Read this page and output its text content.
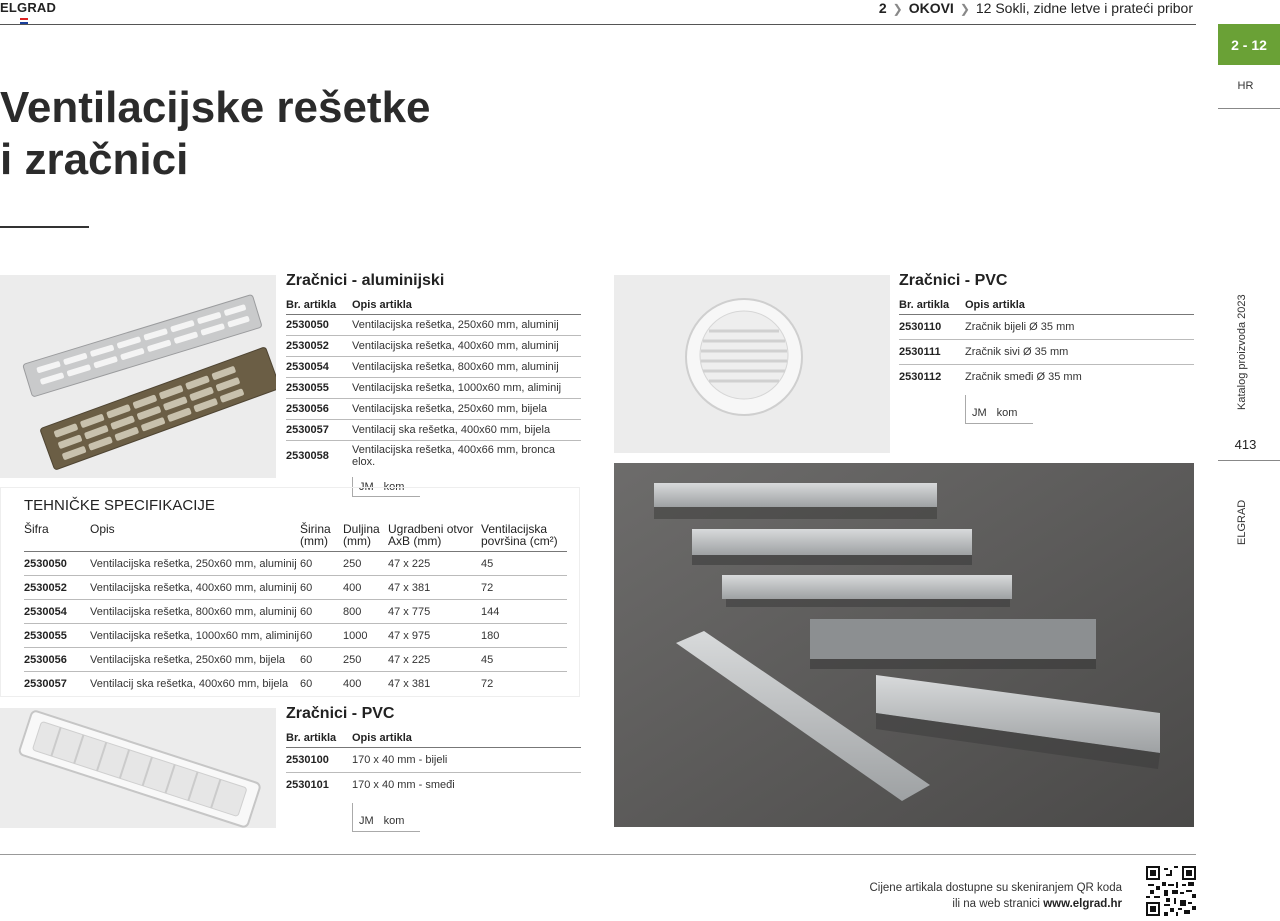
ELGRAD	2 ❯ OKOVI ❯ 12 Sokli, zidne letve i prateći pribor
2 - 12
HR
Katalog proizvoda 2023
413
ELGRAD
Ventilacijske rešetke
i zračnici
Zračnici - aluminijski
Br. artikla	Opis artikla
2530050	Ventilacijska rešetka, 250x60 mm, aluminij
2530052	Ventilacijska rešetka, 400x60 mm, aluminij
2530054	Ventilacijska rešetka, 800x60 mm, aluminij
2530055	Ventilacijska rešetka, 1000x60 mm, aliminij
2530056	Ventilacijska rešetka, 250x60 mm, bijela
2530057	Ventilacij ska rešetka, 400x60 mm, bijela
2530058	Ventilacijska rešetka, 400x66 mm, bronca elox.
JM kom
Zračnici - PVC
Br. artikla	Opis artikla
2530110	Zračnik bijeli Ø 35 mm
2530111	Zračnik sivi Ø 35 mm
2530112	Zračnik smeđi Ø 35 mm
JM kom
TEHNIČKE SPECIFIKACIJE
Šifra	Opis	Širina (mm)	Duljina (mm)	Ugradbeni otvor AxB (mm)	Ventilacijska površina (cm²)
2530050	Ventilacijska rešetka, 250x60 mm, aluminij	60	250	47 x 225	45
2530052	Ventilacijska rešetka, 400x60 mm, aluminij	60	400	47 x 381	72
2530054	Ventilacijska rešetka, 800x60 mm, aluminij	60	800	47 x 775	144
2530055	Ventilacijska rešetka, 1000x60 mm, aliminij	60	1000	47 x 975	180
2530056	Ventilacijska rešetka, 250x60 mm, bijela	60	250	47 x 225	45
2530057	Ventilacij ska rešetka, 400x60 mm, bijela	60	400	47 x 381	72
Zračnici - PVC
Br. artikla	Opis artikla
2530100	170 x 40 mm - bijeli
2530101	170 x 40 mm - smeđi
JM kom
Cijene artikala dostupne su skeniranjem QR koda
ili na web stranici www.elgrad.hr
